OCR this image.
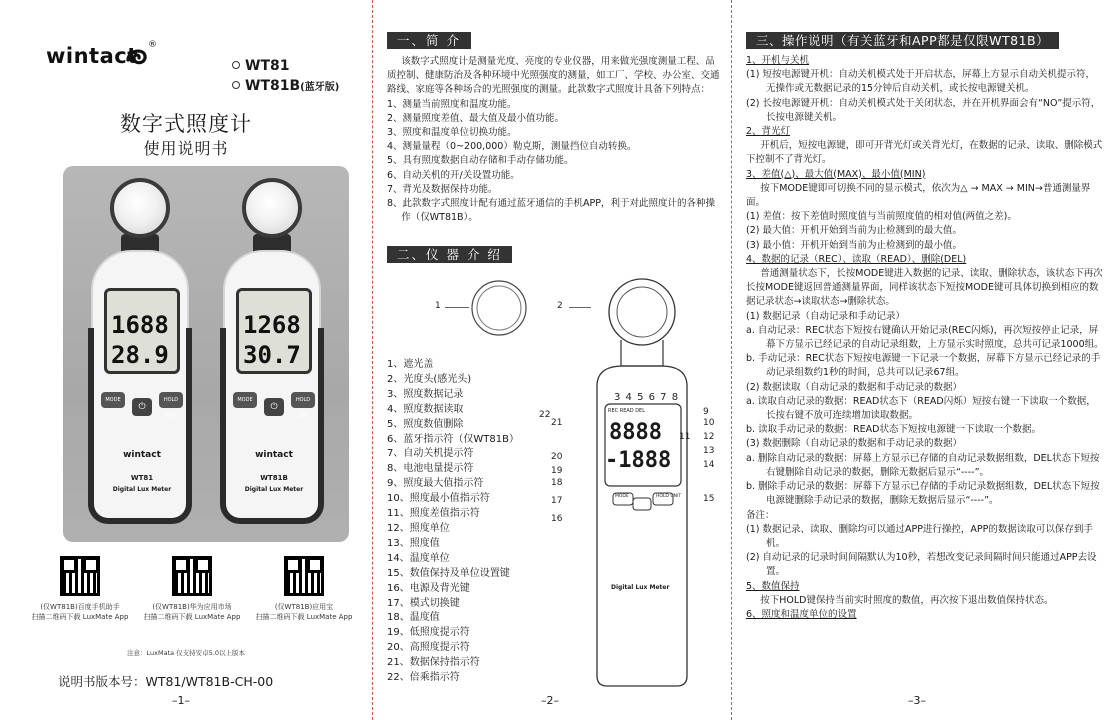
wintact ®
WT81
WT81B(蓝牙版)
数字式照度计
使用说明书
1688
28.9
MODE
⏻
HOLD UNIT
wintact
WT81
Digital Lux Meter
1268
30.7
MODE
⏻
HOLD UNIT
wintact
WT81B
Digital Lux Meter
(仅WT81B)百度手机助手
扫描二维码下载 LuxMate App
(仅WT81B)华为应用市场
扫描二维码下载 LuxMate App
(仅WT81B)应用宝
扫描二维码下载 LuxMate App
注意：LuxMata 仅支持安卓5.0以上版本
说明书版本号：WT81/WT81B-CH-00
–1–
一、简 介

该数字式照度计是测量光度、亮度的专业仪器，用来做光强度测量工程、品质控制、健康防治及各种环境中光照强度的测量，如工厂、学校、办公室、交通路线、家庭等各种场合的光照强度的测量。此款数字式照度计具备下列特点：

1、测量当前照度和温度功能。

2、测量照度差值、最大值及最小值功能。

3、照度和温度单位切换功能。

4、测量量程（0~200,000）勒克斯，测量挡位自动转换。

5、具有照度数据自动存储和手动存储功能。

6、自动关机的开/关设置功能。

7、背光及数据保持功能。

8、此款数字式照度计配有通过蓝牙通信的手机APP，利于对此照度计的各种操作（仅WT81B）。

二、仪 器 介 绍
1、遮光盖
2、光度头(感光头)
3、照度数据记录
4、照度数据读取
5、照度数值删除
6、蓝牙指示符（仅WT81B）
7、自动关机提示符
8、电池电量提示符
9、照度最大值指示符
10、照度最小值指示符
11、照度差值指示符
12、照度单位
13、照度值
14、温度单位
15、数值保持及单位设置键
16、电源及背光键
17、模式切换键
18、温度值
19、低照度提示符
20、高照度提示符
21、数据保持指示符
22、倍乘指示符
1	2
3 4 5 6 7 8
REC READ DEL
8888
-1888
MODE	HOLD UNIT
Digital Lux Meter
22
21
20
19
18
17
16
9
10
11 12
13
14
15
–2–
三、操作说明（有关蓝牙和APP都是仅限WT81B）

1、开机与关机

(1) 短按电源键开机：自动关机模式处于开启状态，屏幕上方显示自动关机提示符，无操作或无数据记录的15分钟后自动关机，或长按电源键关机。

(2) 长按电源键开机：自动关机模式处于关闭状态，并在开机界面会有“NO”提示符，长按电源键关机。

2、背光灯

开机后，短按电源键，即可开背光灯或关背光灯，在数据的记录、读取、删除模式下控制不了背光灯。

3、差值(△)、最大值(MAX)、最小值(MIN)

按下MODE键即可切换不同的显示模式，依次为△ → MAX → MIN→普通测量界面。

(1) 差值：按下差值时照度值与当前照度值的相对值(两值之差)。

(2) 最大值：开机开始到当前为止检测到的最大值。

(3) 最小值：开机开始到当前为止检测到的最小值。

4、数据的记录（REC）、读取（READ）、删除(DEL)

普通测量状态下，长按MODE键进入数据的记录、读取、删除状态，该状态下再次长按MODE键返回普通测量界面，同样该状态下短按MODE键可具体切换到相应的数据记录状态→读取状态→删除状态。

(1) 数据记录（自动记录和手动记录）

a. 自动记录：REC状态下短按右键确认开始记录(REC闪烁)，再次短按停止记录，屏幕下方显示已经记录的自动记录组数，上方显示实时照度，总共可记录1000组。

b. 手动记录：REC状态下短按电源键一下记录一个数据，屏幕下方显示已经记录的手动记录组数约1秒的时间，总共可以记录67组。

(2) 数据读取（自动记录的数据和手动记录的数据）

a. 读取自动记录的数据：READ状态下（READ闪烁）短按右键一下读取一个数据，长按右键不放可连续增加读取数据。

b. 读取手动记录的数据：READ状态下短按电源键一下读取一个数据。

(3) 数据删除（自动记录的数据和手动记录的数据）

a. 删除自动记录的数据：屏幕上方显示已存储的自动记录数据组数，DEL状态下短按右键删除自动记录的数据，删除无数据后显示“----”。

b. 删除手动记录的数据：屏幕下方显示已存储的手动记录数据组数，DEL状态下短按电源键删除手动记录的数据，删除无数据后显示“----”。

备注：

(1) 数据记录、读取、删除均可以通过APP进行操控，APP的数据读取可以保存到手机。

(2) 自动记录的记录时间间隔默认为10秒，若想改变记录间隔时间只能通过APP去设置。

5、数值保持

按下HOLD键保持当前实时照度的数值，再次按下退出数值保持状态。

6、照度和温度单位的设置

–3–
